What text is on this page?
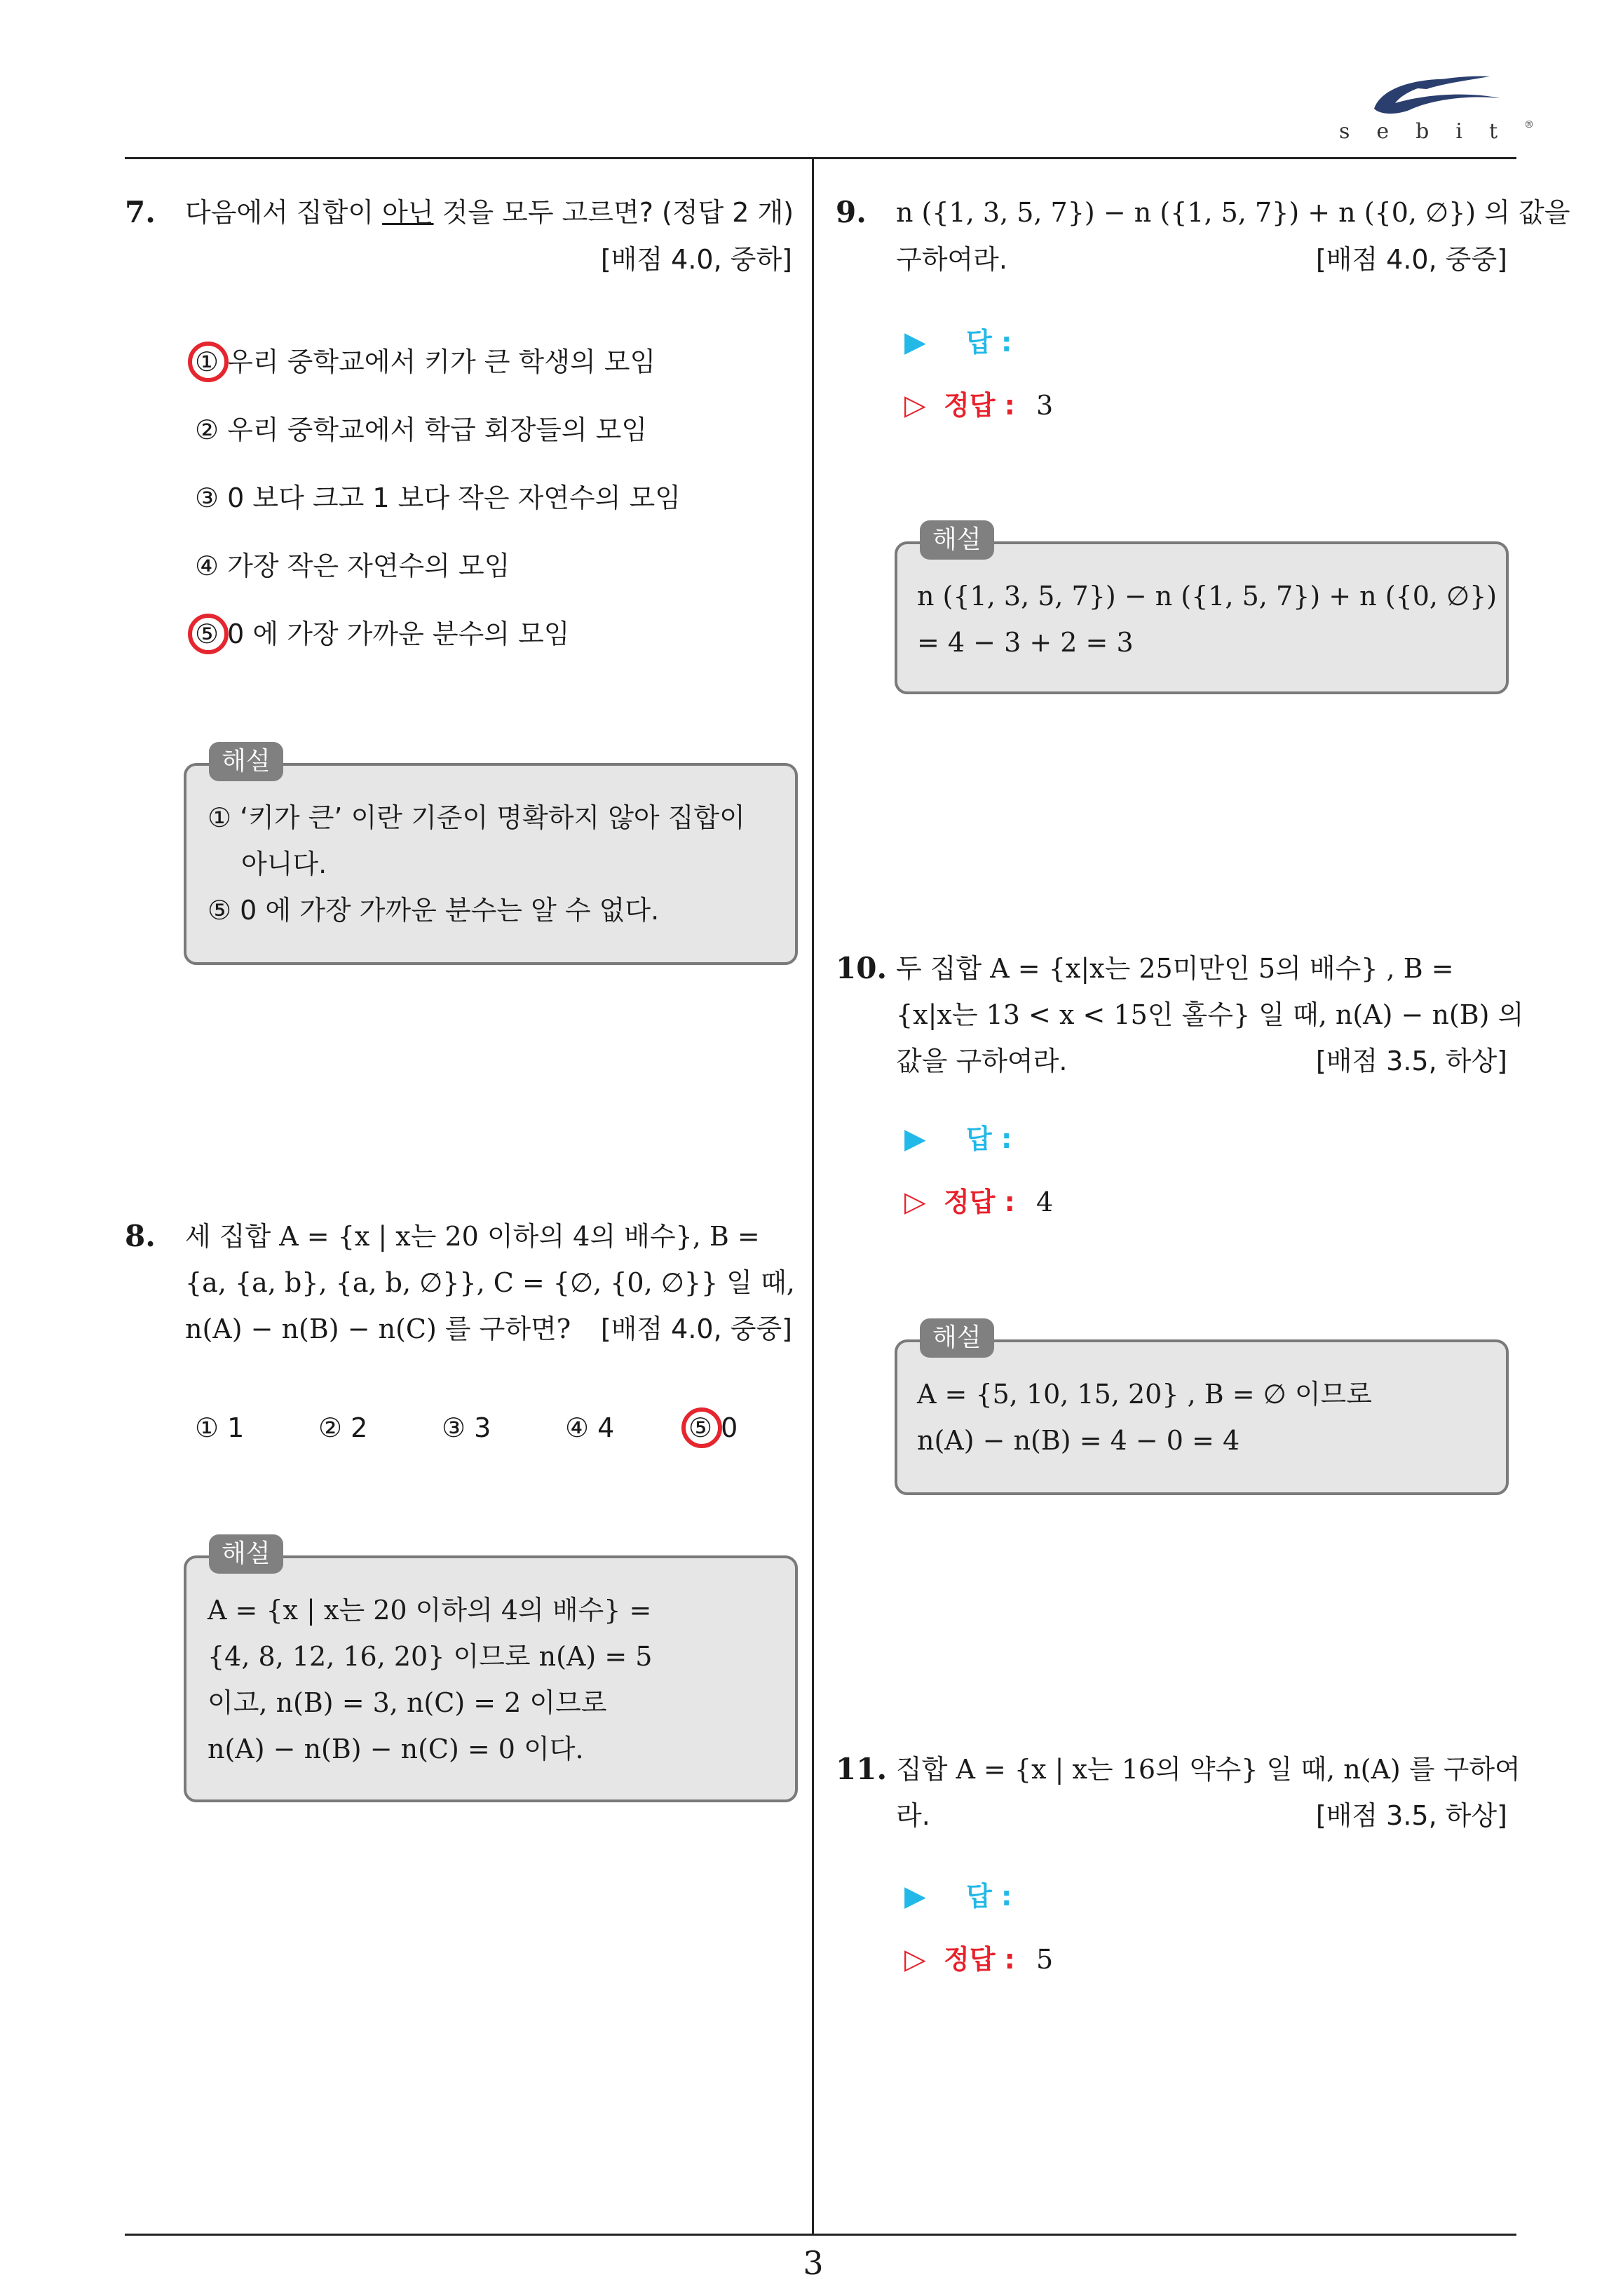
sebit®
3
7. 다음에서 집합이 아닌 것을 모두 고르면? (정답 2 개)
[배점 4.0, 중하]
① 우리 중학교에서 키가 큰 학생의 모임
② 우리 중학교에서 학급 회장들의 모임
③ 0 보다 크고 1 보다 작은 자연수의 모임
④ 가장 작은 자연수의 모임
⑤ 0 에 가장 가까운 분수의 모임
해설
① ‘키가 큰’ 이란 기준이 명확하지 않아 집합이
아니다.
⑤ 0 에 가장 가까운 분수는 알 수 없다.
8. 세 집합 A = {x | x는 20 이하의 4의 배수}, B =
{a, {a, b}, {a, b, ∅}}, C = {∅, {0, ∅}} 일 때,
n(A) − n(B) − n(C) 를 구하면?	[배점 4.0, 중중]
① 1	② 2	③ 3	④ 4	⑤ 0
해설
A = {x | x는 20 이하의 4의 배수} =
{4, 8, 12, 16, 20} 이므로 n(A) = 5
이고, n(B) = 3, n(C) = 2 이므로
n(A) − n(B) − n(C) = 0 이다.
9. n ({1, 3, 5, 7}) − n ({1, 5, 7}) + n ({0, ∅}) 의 값을
구하여라.	[배점 4.0, 중중]
▶ 답 :
▷ 정답 : 3
해설
n ({1, 3, 5, 7}) − n ({1, 5, 7}) + n ({0, ∅})
= 4 − 3 + 2 = 3
10. 두 집합 A = {x|x는 25미만인 5의 배수} , B =
{x|x는 13 < x < 15인 홀수} 일 때, n(A) − n(B) 의
값을 구하여라.	[배점 3.5, 하상]
▶ 답 :
▷ 정답 : 4
해설
A = {5, 10, 15, 20} , B = ∅ 이므로
n(A) − n(B) = 4 − 0 = 4
11. 집합 A = {x | x는 16의 약수} 일 때, n(A) 를 구하여
라.	[배점 3.5, 하상]
▶ 답 :
▷ 정답 : 5
